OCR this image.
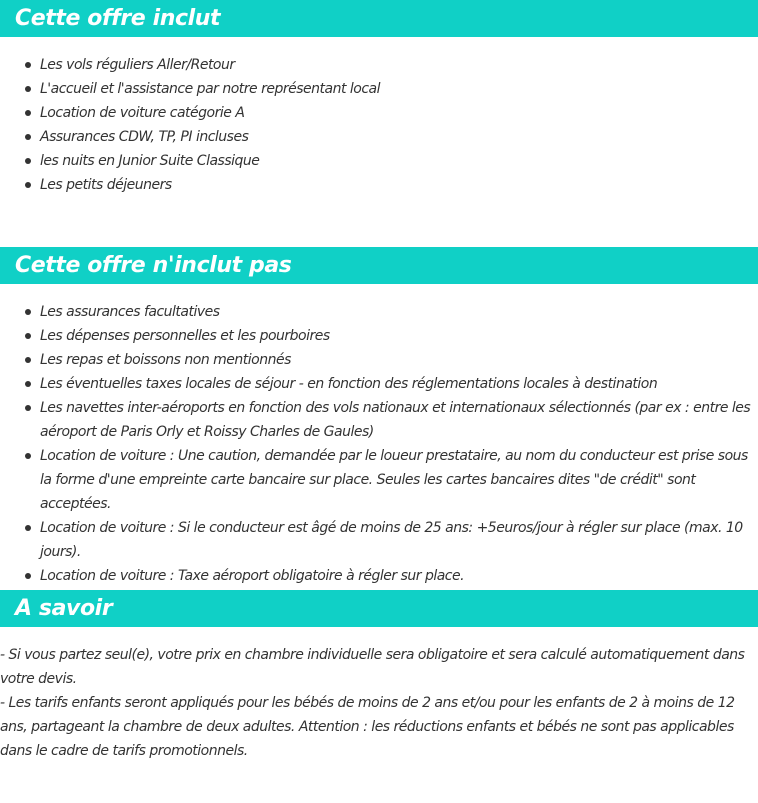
Cette offre inclut
Les vols réguliers Aller/Retour
L'accueil et l'assistance par notre représentant local
Location de voiture catégorie A
Assurances CDW, TP, PI incluses
les nuits en Junior Suite Classique
Les petits déjeuners
Cette offre n'inclut pas
Les assurances facultatives
Les dépenses personnelles et les pourboires
Les repas et boissons non mentionnés
Les éventuelles taxes locales de séjour - en fonction des réglementations locales à destination
Les navettes inter-aéroports en fonction des vols nationaux et internationaux sélectionnés (par ex : entre les aéroport de Paris Orly et Roissy Charles de Gaules)
Location de voiture : Une caution, demandée par le loueur prestataire, au nom du conducteur est prise sous la forme d'une empreinte carte bancaire sur place. Seules les cartes bancaires dites "de crédit" sont acceptées.
Location de voiture : Si le conducteur est âgé de moins de 25 ans: +5euros/jour à régler sur place (max. 10 jours).
Location de voiture : Taxe aéroport obligatoire à régler sur place.
A savoir

- Si vous partez seul(e), votre prix en chambre individuelle sera obligatoire et sera calculé automatiquement dans votre devis.

- Les tarifs enfants seront appliqués pour les bébés de moins de 2 ans et/ou pour les enfants de 2 à moins de 12 ans, partageant la chambre de deux adultes. Attention : les réductions enfants et bébés ne sont pas applicables dans le cadre de tarifs promotionnels.
